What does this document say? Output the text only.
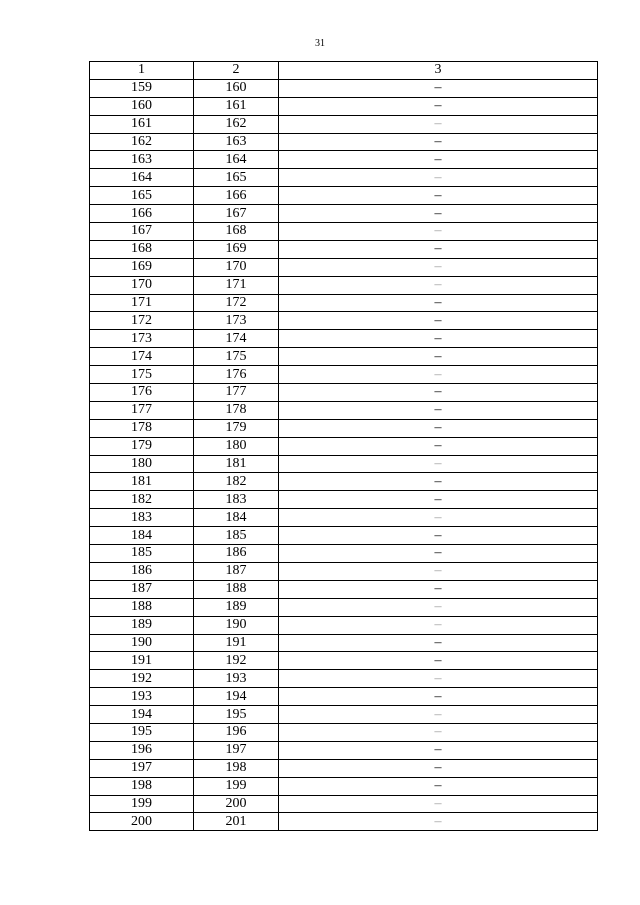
31
1	2	3
159	160	–
160	161	–
161	162	–
162	163	–
163	164	–
164	165	–
165	166	–
166	167	–
167	168	–
168	169	–
169	170	–
170	171	–
171	172	–
172	173	–
173	174	–
174	175	–
175	176	–
176	177	–
177	178	–
178	179	–
179	180	–
180	181	–
181	182	–
182	183	–
183	184	–
184	185	–
185	186	–
186	187	–
187	188	–
188	189	–
189	190	–
190	191	–
191	192	–
192	193	–
193	194	–
194	195	–
195	196	–
196	197	–
197	198	–
198	199	–
199	200	–
200	201	–
